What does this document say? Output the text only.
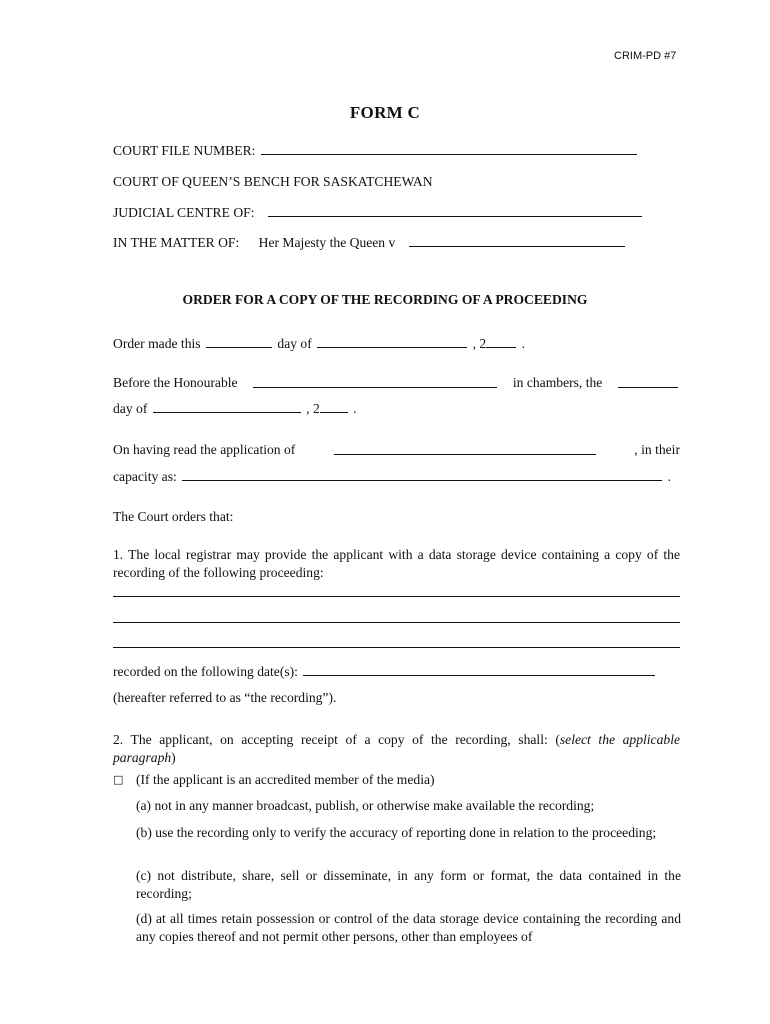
CRIM-PD #7
FORM C
COURT FILE NUMBER:
COURT OF QUEEN’S BENCH FOR SASKATCHEWAN
JUDICIAL CENTRE OF:
IN THE MATTER OF: Her Majesty the Queen v
ORDER FOR A COPY OF THE RECORDING OF A PROCEEDING
Order made this	day of	, 2	.
Before the Honourable	in chambers, the
day of	, 2 .
On having read the application of	, in their
capacity as:	.
The Court orders that:
1. The local registrar may provide the applicant with a data storage device containing a copy of the recording of the following proceeding:
recorded on the following date(s):
(hereafter referred to as “the recording”).
2. The applicant, on accepting receipt of a copy of the recording, shall: (select the applicable paragraph)
□ (If the applicant is an accredited member of the media)
(a) not in any manner broadcast, publish, or otherwise make available the recording;
(b) use the recording only to verify the accuracy of reporting done in relation to the proceeding;
(c) not distribute, share, sell or disseminate, in any form or format, the data contained in the recording;
(d) at all times retain possession or control of the data storage device containing the recording and any copies thereof and not permit other persons, other than employees of
